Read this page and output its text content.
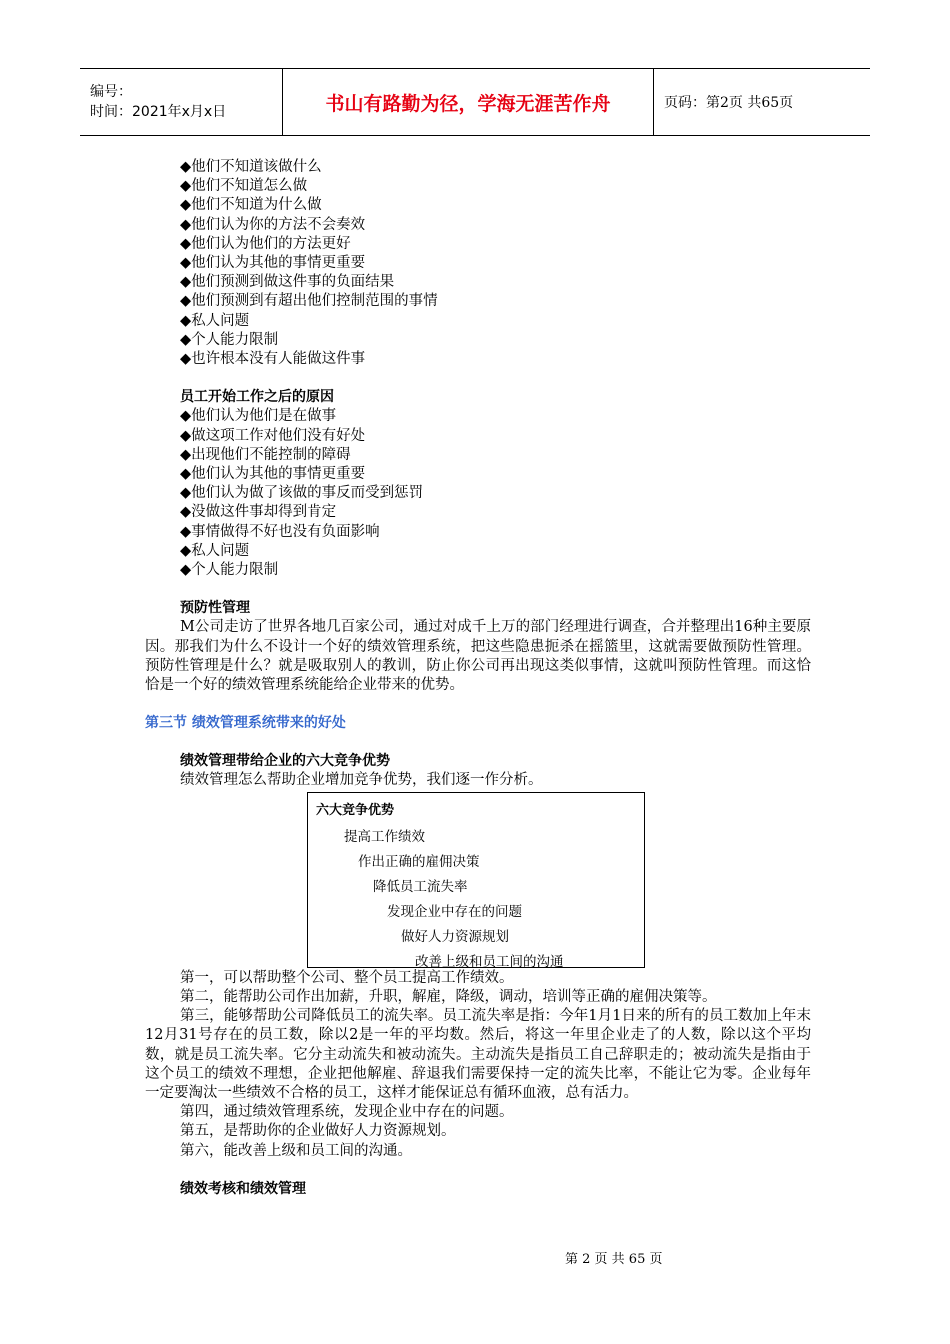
编号：
时间：2021年x月x日	书山有路勤为径，学海无涯苦作舟	页码：第2页 共65页
◆他们不知道该做什么
◆他们不知道怎么做
◆他们不知道为什么做
◆他们认为你的方法不会奏效
◆他们认为他们的方法更好
◆他们认为其他的事情更重要
◆他们预测到做这件事的负面结果
◆他们预测到有超出他们控制范围的事情
◆私人问题
◆个人能力限制
◆也许根本没有人能做这件事
员工开始工作之后的原因
◆他们认为他们是在做事
◆做这项工作对他们没有好处
◆出现他们不能控制的障碍
◆他们认为其他的事情更重要
◆他们认为做了该做的事反而受到惩罚
◆没做这件事却得到肯定
◆事情做得不好也没有负面影响
◆私人问题
◆个人能力限制
预防性管理
M公司走访了世界各地几百家公司，通过对成千上万的部门经理进行调查，合并整理出16种主要原因。那我们为什么不设计一个好的绩效管理系统，把这些隐患扼杀在摇篮里，这就需要做预防性管理。预防性管理是什么？就是吸取别人的教训，防止你公司再出现这类似事情，这就叫预防性管理。而这恰恰是一个好的绩效管理系统能给企业带来的优势。
第三节 绩效管理系统带来的好处
绩效管理带给企业的六大竞争优势
绩效管理怎么帮助企业增加竞争优势，我们逐一作分析。
六大竞争优势
提高工作绩效
作出正确的雇佣决策
降低员工流失率
发现企业中存在的问题
做好人力资源规划
改善上级和员工间的沟通
第一，可以帮助整个公司、整个员工提高工作绩效。
第二，能帮助公司作出加薪，升职，解雇，降级，调动，培训等正确的雇佣决策等。
第三，能够帮助公司降低员工的流失率。员工流失率是指：今年1月1日来的所有的员工数加上年末12月31号存在的员工数，除以2是一年的平均数。然后，将这一年里企业走了的人数，除以这个平均数，就是员工流失率。它分主动流失和被动流失。主动流失是指员工自己辞职走的；被动流失是指由于这个员工的绩效不理想，企业把他解雇、辞退我们需要保持一定的流失比率，不能让它为零。企业每年一定要淘汰一些绩效不合格的员工，这样才能保证总有循环血液，总有活力。
第四，通过绩效管理系统，发现企业中存在的问题。
第五，是帮助你的企业做好人力资源规划。
第六，能改善上级和员工间的沟通。
绩效考核和绩效管理
第 2 页 共 65 页
